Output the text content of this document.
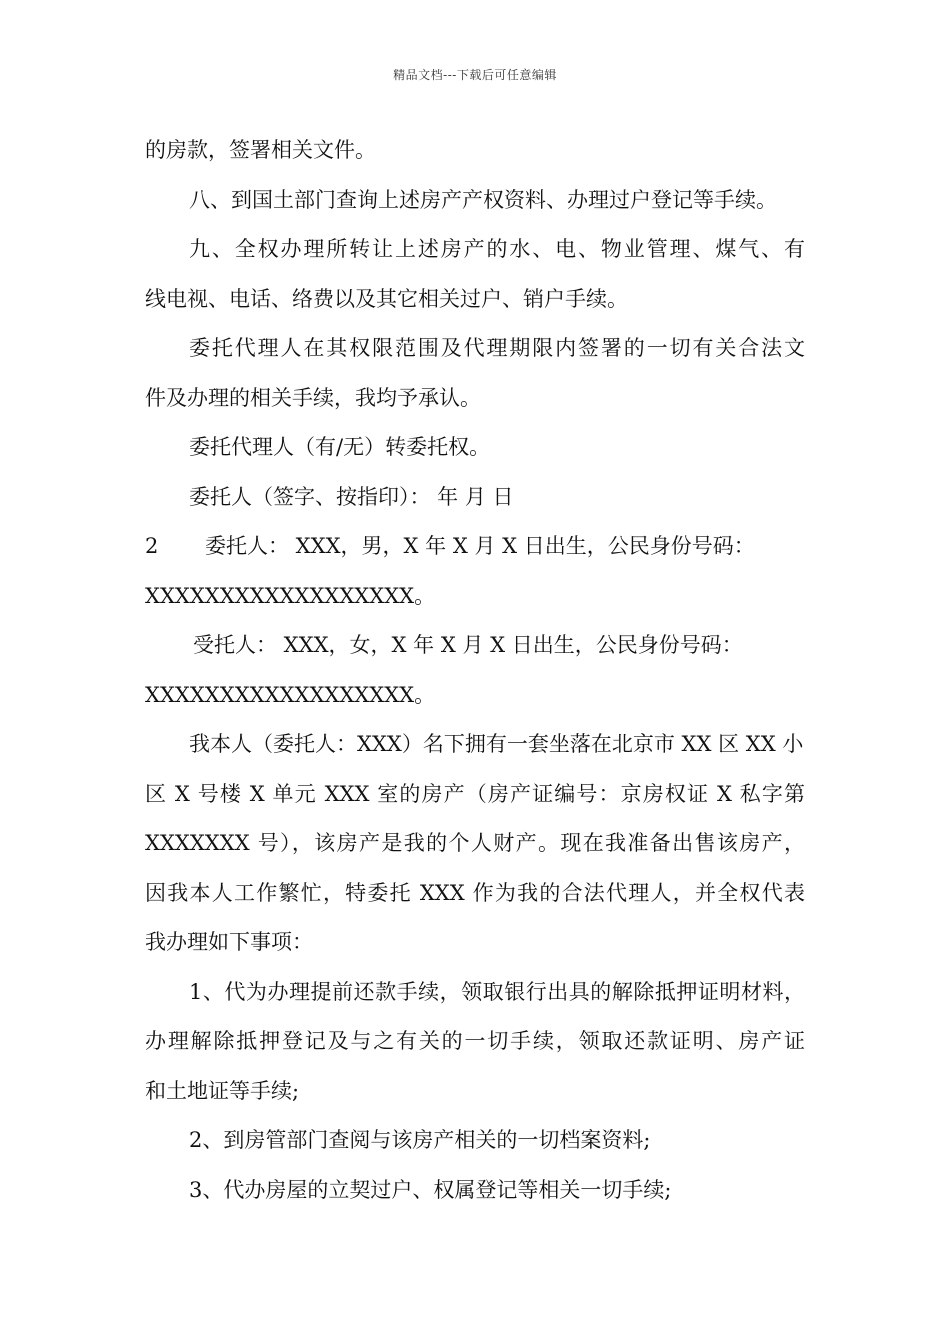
精品文档---下载后可任意编辑
的房款，签署相关文件。
八、到国土部门查询上述房产产权资料、办理过户登记等手续。
九、全权办理所转让上述房产的水、电、物业管理、煤气、有
线电视、电话、络费以及其它相关过户、销户手续。
委托代理人在其权限范围及代理期限内签署的一切有关合法文
件及办理的相关手续，我均予承认。
委托代理人（有/无）转委托权。
委托人（签字、按指印）： 年 月 日
2 委托人： XXX，男，X 年 X 月 X 日出生，公民身份号码：
XXXXXXXXXXXXXXXXXX。
受托人： XXX，女，X 年 X 月 X 日出生，公民身份号码：
XXXXXXXXXXXXXXXXXX。
我本人（委托人：XXX）名下拥有一套坐落在北京市 XX 区 XX 小
区 X 号楼 X 单元 XXX 室的房产（房产证编号：京房权证 X 私字第
XXXXXXX 号），该房产是我的个人财产。现在我准备出售该房产，
因我本人工作繁忙，特委托 XXX 作为我的合法代理人，并全权代表
我办理如下事项：
1、代为办理提前还款手续，领取银行出具的解除抵押证明材料，
办理解除抵押登记及与之有关的一切手续，领取还款证明、房产证
和土地证等手续;
2、到房管部门查阅与该房产相关的一切档案资料;
3、代办房屋的立契过户、权属登记等相关一切手续;
